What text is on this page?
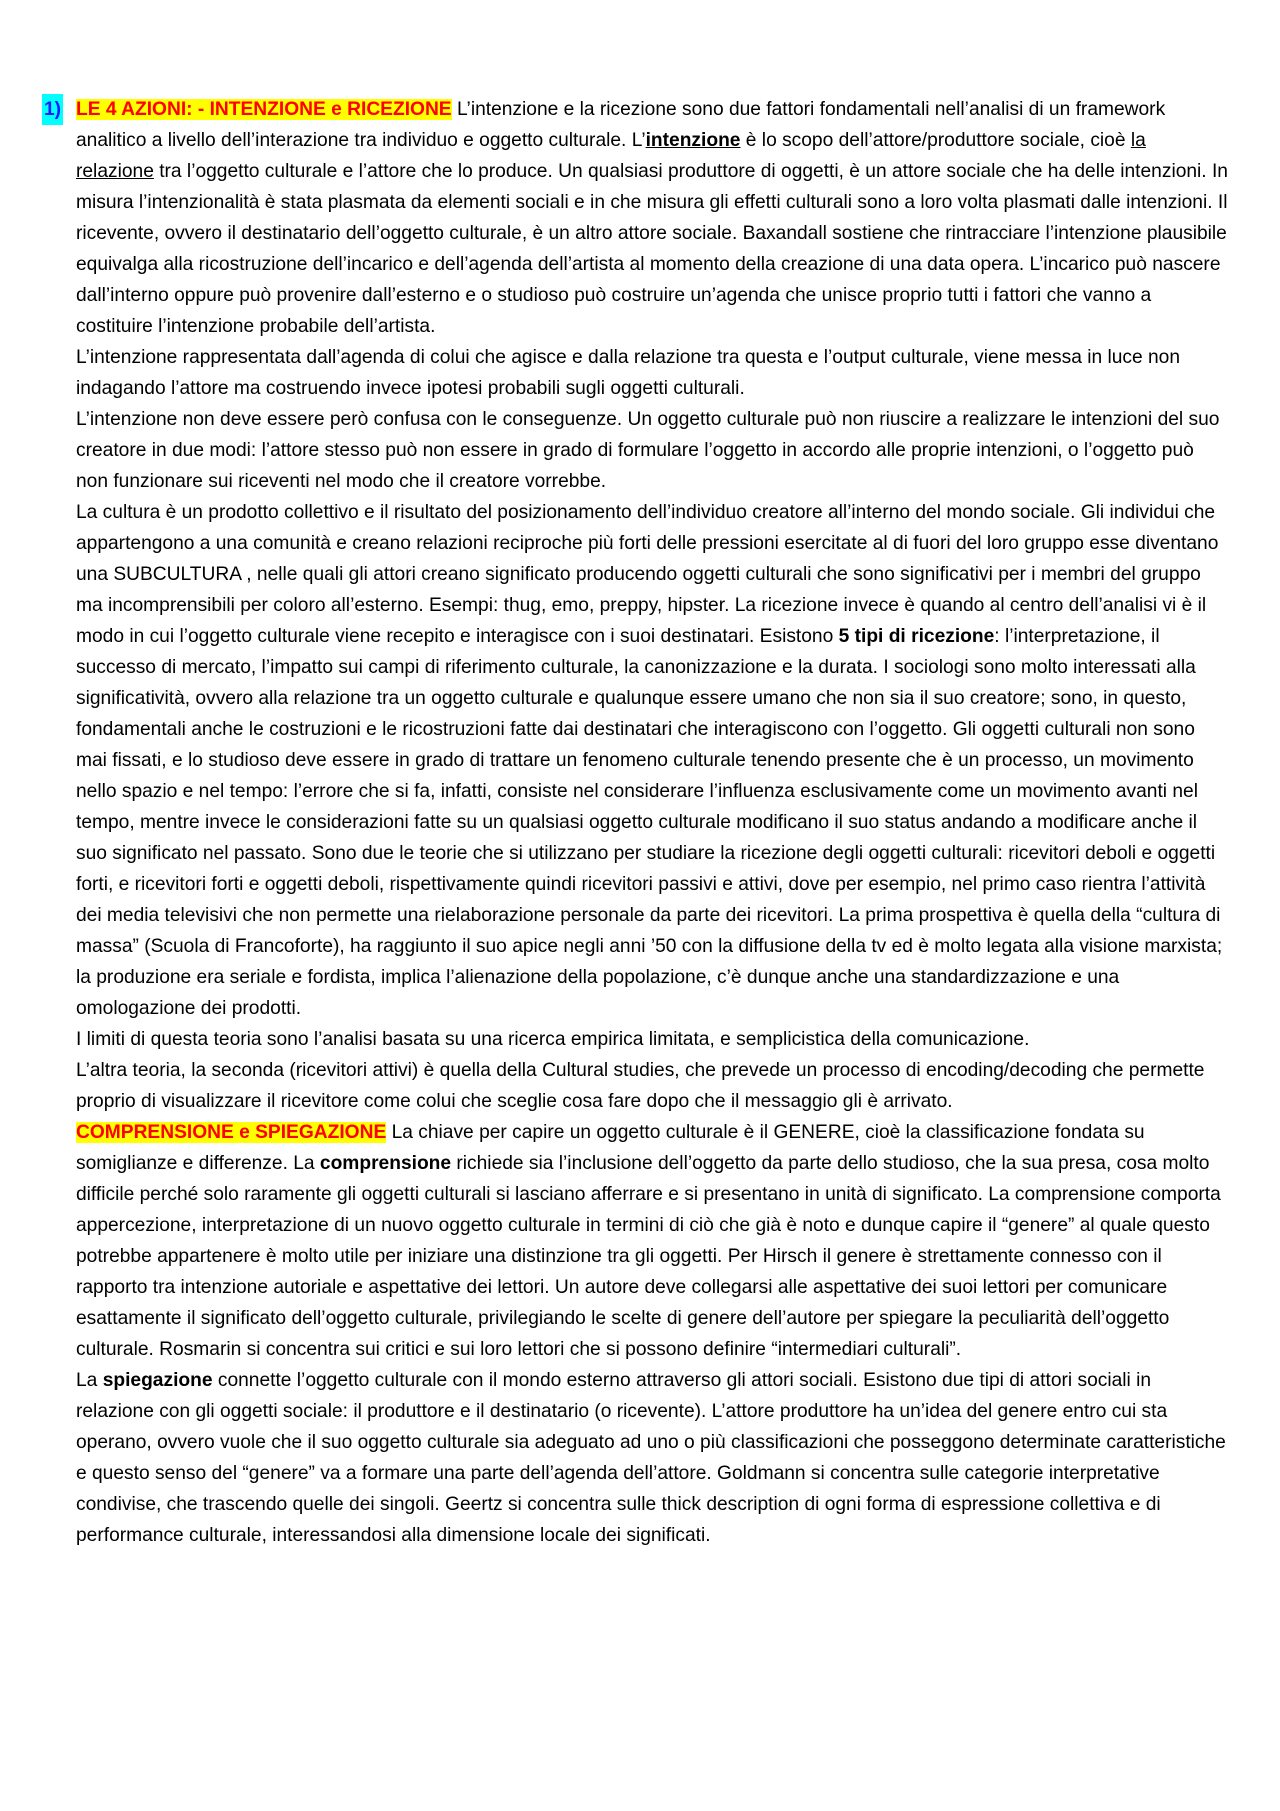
1) LE 4 AZIONI: - INTENZIONE e RICEZIONE L’intenzione e la ricezione sono due fattori fondamentali nell’analisi di un framework analitico a livello dell’interazione tra individuo e oggetto culturale. L’intenzione è lo scopo dell’attore/produttore sociale, cioè la relazione tra l’oggetto culturale e l’attore che lo produce. Un qualsiasi produttore di oggetti, è un attore sociale che ha delle intenzioni. In misura l’intenzionalità è stata plasmata da elementi sociali e in che misura gli effetti culturali sono a loro volta plasmati dalle intenzioni. Il ricevente, ovvero il destinatario dell’oggetto culturale, è un altro attore sociale. Baxandall sostiene che rintracciare l’intenzione plausibile equivalga alla ricostruzione dell’incarico e dell’agenda dell’artista al momento della creazione di una data opera. L’incarico può nascere dall’interno oppure può provenire dall’esterno e o studioso può costruire un’agenda che unisce proprio tutti i fattori che vanno a costituire l’intenzione probabile dell’artista.

L’intenzione rappresentata dall’agenda di colui che agisce e dalla relazione tra questa e l’output culturale, viene messa in luce non indagando l’attore ma costruendo invece ipotesi probabili sugli oggetti culturali.

L’intenzione non deve essere però confusa con le conseguenze. Un oggetto culturale può non riuscire a realizzare le intenzioni del suo creatore in due modi: l’attore stesso può non essere in grado di formulare l’oggetto in accordo alle proprie intenzioni, o l’oggetto può non funzionare sui riceventi nel modo che il creatore vorrebbe.

La cultura è un prodotto collettivo e il risultato del posizionamento dell’individuo creatore all’interno del mondo sociale. Gli individui che appartengono a una comunità e creano relazioni reciproche più forti delle pressioni esercitate al di fuori del loro gruppo esse diventano una SUBCULTURA , nelle quali gli attori creano significato producendo oggetti culturali che sono significativi per i membri del gruppo ma incomprensibili per coloro all’esterno. Esempi: thug, emo, preppy, hipster. La ricezione invece è quando al centro dell’analisi vi è il modo in cui l’oggetto culturale viene recepito e interagisce con i suoi destinatari. Esistono 5 tipi di ricezione: l’interpretazione, il successo di mercato, l’impatto sui campi di riferimento culturale, la canonizzazione e la durata. I sociologi sono molto interessati alla significatività, ovvero alla relazione tra un oggetto culturale e qualunque essere umano che non sia il suo creatore; sono, in questo, fondamentali anche le costruzioni e le ricostruzioni fatte dai destinatari che interagiscono con l’oggetto. Gli oggetti culturali non sono mai fissati, e lo studioso deve essere in grado di trattare un fenomeno culturale tenendo presente che è un processo, un movimento nello spazio e nel tempo: l’errore che si fa, infatti, consiste nel considerare l’influenza esclusivamente come un movimento avanti nel tempo, mentre invece le considerazioni fatte su un qualsiasi oggetto culturale modificano il suo status andando a modificare anche il suo significato nel passato. Sono due le teorie che si utilizzano per studiare la ricezione degli oggetti culturali: ricevitori deboli e oggetti forti, e ricevitori forti e oggetti deboli, rispettivamente quindi ricevitori passivi e attivi, dove per esempio, nel primo caso rientra l’attività dei media televisivi che non permette una rielaborazione personale da parte dei ricevitori. La prima prospettiva è quella della “cultura di massa” (Scuola di Francoforte), ha raggiunto il suo apice negli anni ’50 con la diffusione della tv ed è molto legata alla visione marxista; la produzione era seriale e fordista, implica l’alienazione della popolazione, c’è dunque anche una standardizzazione e una omologazione dei prodotti.

I limiti di questa teoria sono l’analisi basata su una ricerca empirica limitata, e semplicistica della comunicazione.

L’altra teoria, la seconda (ricevitori attivi) è quella della Cultural studies, che prevede un processo di encoding/decoding che permette proprio di visualizzare il ricevitore come colui che sceglie cosa fare dopo che il messaggio gli è arrivato.

COMPRENSIONE e SPIEGAZIONE La chiave per capire un oggetto culturale è il GENERE, cioè la classificazione fondata su somiglianze e differenze. La comprensione richiede sia l’inclusione dell’oggetto da parte dello studioso, che la sua presa, cosa molto difficile perché solo raramente gli oggetti culturali si lasciano afferrare e si presentano in unità di significato. La comprensione comporta appercezione, interpretazione di un nuovo oggetto culturale in termini di ciò che già è noto e dunque capire il “genere” al quale questo potrebbe appartenere è molto utile per iniziare una distinzione tra gli oggetti. Per Hirsch il genere è strettamente connesso con il rapporto tra intenzione autoriale e aspettative dei lettori. Un autore deve collegarsi alle aspettative dei suoi lettori per comunicare esattamente il significato dell’oggetto culturale, privilegiando le scelte di genere dell’autore per spiegare la peculiarità dell’oggetto culturale. Rosmarin si concentra sui critici e sui loro lettori che si possono definire “intermediari culturali”.

La spiegazione connette l’oggetto culturale con il mondo esterno attraverso gli attori sociali. Esistono due tipi di attori sociali in relazione con gli oggetti sociale: il produttore e il destinatario (o ricevente). L’attore produttore ha un’idea del genere entro cui sta operano, ovvero vuole che il suo oggetto culturale sia adeguato ad uno o più classificazioni che posseggono determinate caratteristiche e questo senso del “genere” va a formare una parte dell’agenda dell’attore. Goldmann si concentra sulle categorie interpretative condivise, che trascendo quelle dei singoli. Geertz si concentra sulle thick description di ogni forma di espressione collettiva e di performance culturale, interessandosi alla dimensione locale dei significati.
